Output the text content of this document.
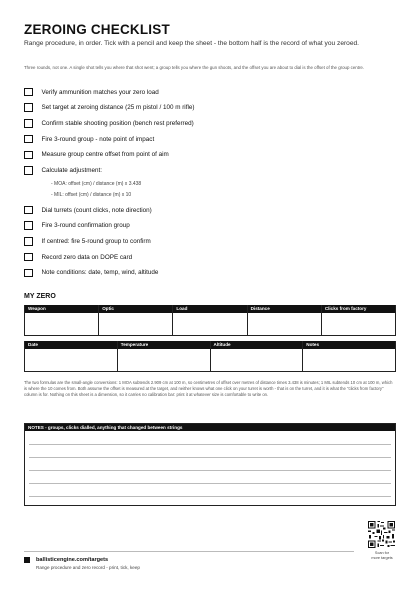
ZEROING CHECKLIST
Range procedure, in order. Tick with a pencil and keep the sheet - the bottom half is the record of what you zeroed.
Three rounds, not one. A single shot tells you where that shot went; a group tells you where the gun shoots, and the offset you are about to dial is the offset of the group centre.
Verify ammunition matches your zero load
Set target at zeroing distance (25 m pistol / 100 m rifle)
Confirm stable shooting position (bench rest preferred)
Fire 3-round group - note point of impact
Measure group centre offset from point of aim
Calculate adjustment:
- MOA: offset (cm) / distance (m) x 3.438
- MIL: offset (cm) / distance (m) x 10
Dial turrets (count clicks, note direction)
Fire 3-round confirmation group
If centred: fire 5-round group to confirm
Record zero data on DOPE card
Note conditions: date, temp, wind, altitude
MY ZERO
Weapon	Optic	Load	Distance	Clicks from factory
Date	Temperature	Altitude	Notes
The two formulas are the small-angle conversions: 1 MOA subtends 2.909 cm at 100 m, so centimetres of offset over metres of distance times 3.438 is minutes; 1 MIL subtends 10 cm at 100 m, which is where the 10 comes from. Both assume the offset is measured at the target, and neither knows what one click on your turret is worth - that is on the turret, and it is what the "clicks from factory" column is for. Nothing on this sheet is a dimension, so it carries no calibration bar: print it at whatever size is comfortable to write on.
NOTES - groups, clicks dialled, anything that changed between strings
Scan for
more targets
ballisticengine.com/targets
Range procedure and zero record - print, tick, keep
